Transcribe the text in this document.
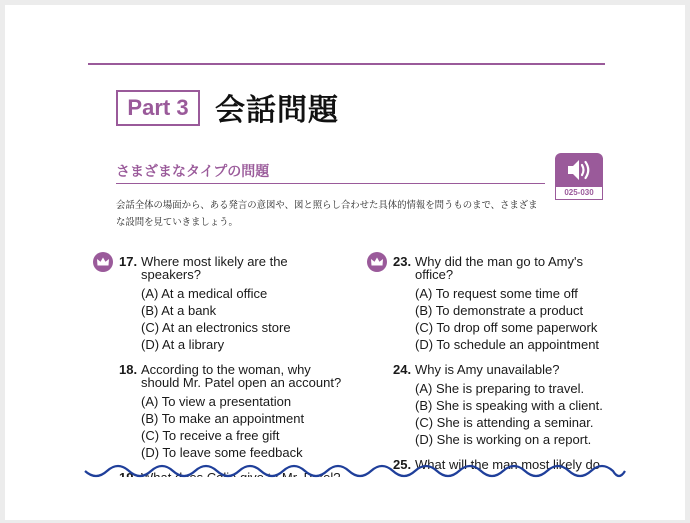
Part 3 会話問題
さまざまなタイプの問題
025-030
会話全体の場面から、ある発言の意図や、図と照らし合わせた具体的情報を問うものまで、さまざま
な設問を見ていきましょう。
17. Where most likely are the speakers?
(A) At a medical office
(B) At a bank
(C) At an electronics store
(D) At a library
18. According to the woman, why
should Mr. Patel open an account?
(A) To view a presentation
(B) To make an appointment
(C) To receive a free gift
(D) To leave some feedback
23. Why did the man go to Amy's
office?
(A) To request some time off
(B) To demonstrate a product
(C) To drop off some paperwork
(D) To schedule an appointment
24. Why is Amy unavailable?
(A) She is preparing to travel.
(B) She is speaking with a client.
(C) She is attending a seminar.
(D) She is working on a report.
25. What will the man most likely do
